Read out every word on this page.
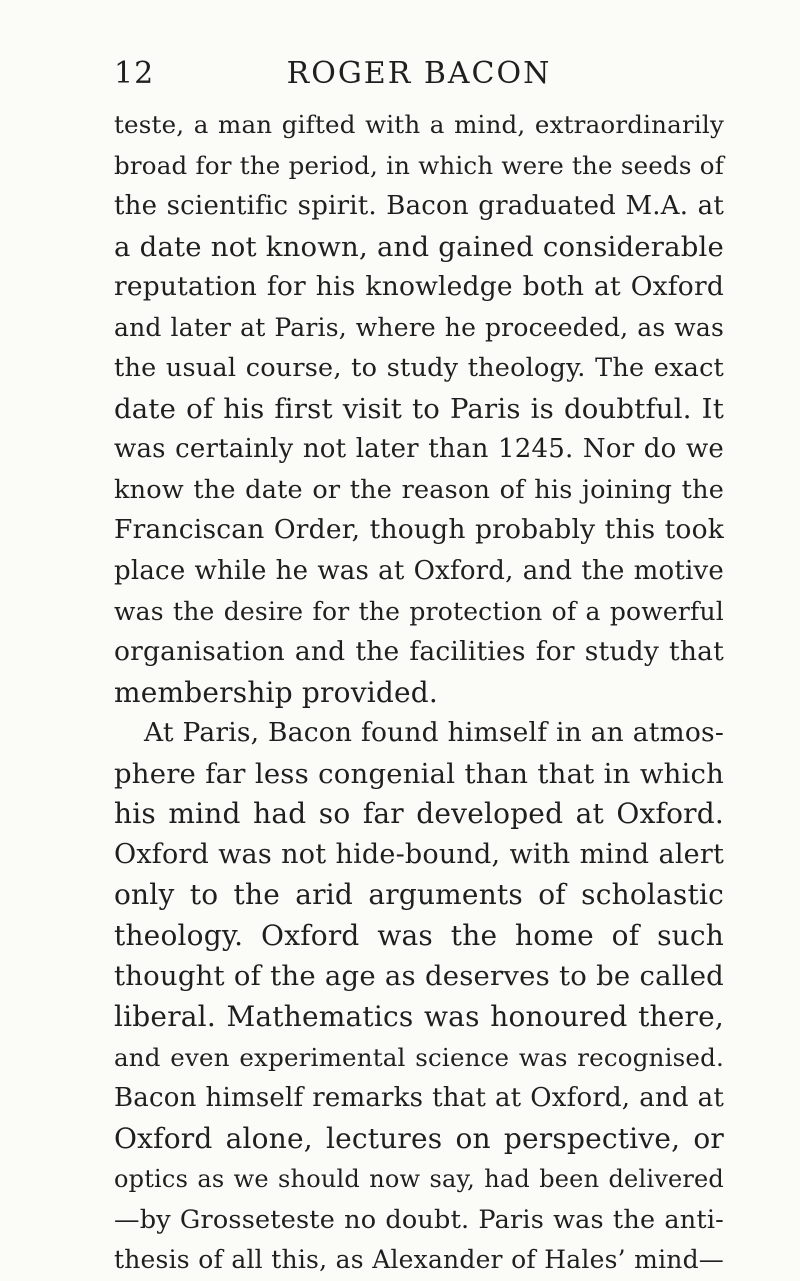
12	ROGER BACON
teste, a man gifted with a mind, extraordinarily
broad for the period, in which were the seeds of
the scientific spirit. Bacon graduated M.A. at
a date not known, and gained considerable
reputation for his knowledge both at Oxford
and later at Paris, where he proceeded, as was
the usual course, to study theology. The exact
date of his first visit to Paris is doubtful. It
was certainly not later than 1245. Nor do we
know the date or the reason of his joining the
Franciscan Order, though probably this took
place while he was at Oxford, and the motive
was the desire for the protection of a powerful
organisation and the facilities for study that
membership provided.
At Paris, Bacon found himself in an atmos-
phere far less congenial than that in which
his mind had so far developed at Oxford.
Oxford was not hide-bound, with mind alert
only to the arid arguments of scholastic
theology. Oxford was the home of such
thought of the age as deserves to be called
liberal. Mathematics was honoured there,
and even experimental science was recognised.
Bacon himself remarks that at Oxford, and at
Oxford alone, lectures on perspective, or
optics as we should now say, had been delivered
—by Grosseteste no doubt. Paris was the anti-
thesis of all this, as Alexander of Hales’ mind—
